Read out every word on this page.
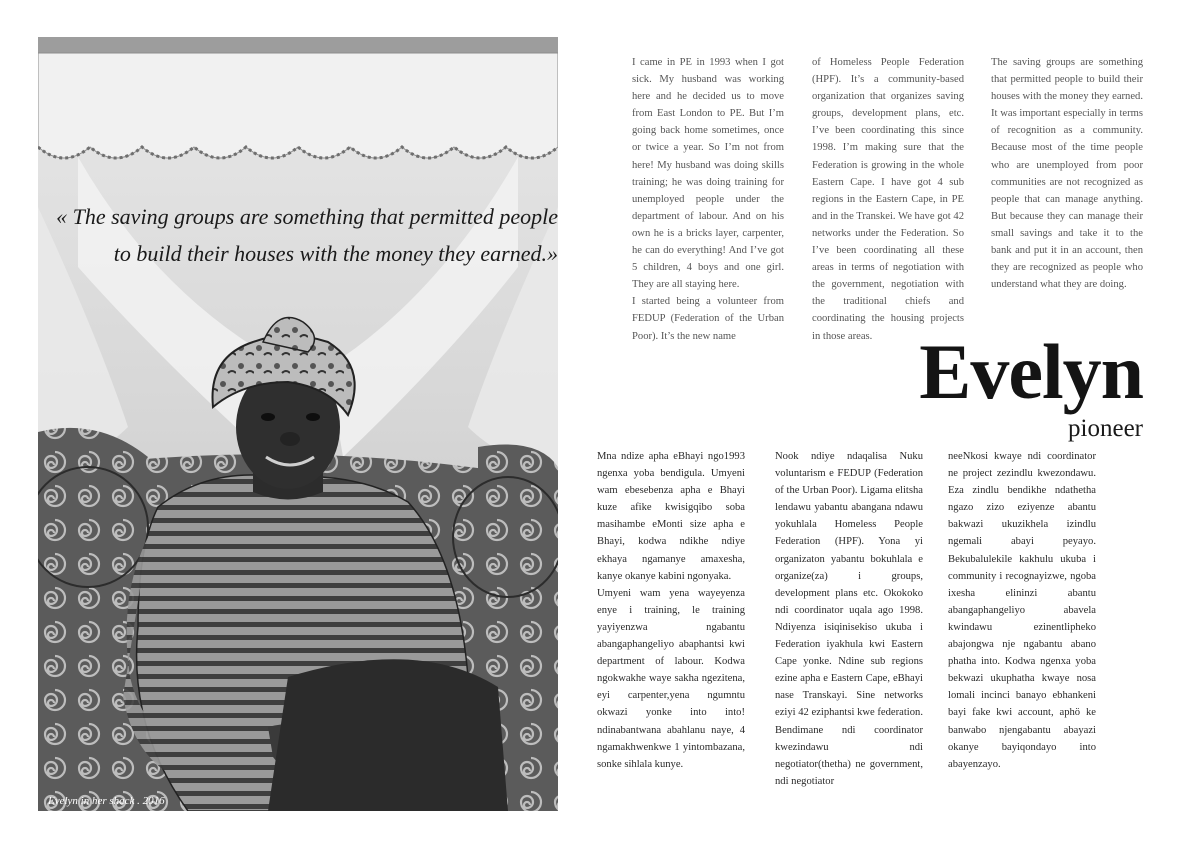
« The saving groups are something that permitted people to build their houses with the money they earned.»
Evelyn in her shack . 2016

I came in PE in 1993 when I got sick. My husband was working here and he decided us to move from East London to PE. But I’m going back home sometimes, once or twice a year. So I’m not from here! My husband was doing skills training; he was doing training for unemployed people under the department of labour. And on his own he is a bricks layer, carpenter, he can do everything! And I’ve got 5 children, 4 boys and one girl. They are all staying here.

I started being a volunteer from FEDUP (Federation of the Urban Poor). It’s the new name

of Homeless People Federation (HPF). It’s a community-based organization that organizes saving groups, development plans, etc. I’ve been coordinating this since 1998. I’m making sure that the Federation is growing in the whole Eastern Cape. I have got 4 sub regions in the Eastern Cape, in PE and in the Transkei. We have got 42 networks under the Federation. So I’ve been coordinating all these areas in terms of negotiation with the government, negotiation with the traditional chiefs and coordinating the housing projects in those areas.

The saving groups are something that permitted people to build their houses with the money they earned. It was important especially in terms of recognition as a community. Because most of the time people who are unemployed from poor communities are not recognized as people that can manage anything. But because they can manage their small savings and take it to the bank and put it in an account, then they are recognized as people who understand what they are doing.

Evelyn
pioneer

Mna ndize apha eBhayi ngo1993 ngenxa yoba bendigula. Umyeni wam ebesebenza apha e Bhayi kuze afike kwisigqibo soba masihambe eMonti size apha e Bhayi, kodwa ndikhe ndiye ekhaya ngamanye amaxesha, kanye okanye kabini ngonyaka.

Umyeni wam yena wayeyenza enye i training, le training yayiyenzwa ngabantu abangaphangeliyo abaphantsi kwi department of labour. Kodwa ngokwakhe waye sakha ngezitena, eyi carpenter,yena ngumntu okwazi yonke into into! ndinabantwana abahlanu naye, 4 ngamakhwenkwe 1 yintombazana, sonke sihlala kunye.

Nook ndiye ndaqalisa Nuku voluntarism e FEDUP (Federation of the Urban Poor). Ligama elitsha lendawu yabantu abangana ndawu yokuhlala Homeless People Federation (HPF). Yona yi organizaton yabantu bokuhlala e organize(za) i groups, development plans etc. Okokoko ndi coordinator uqala ago 1998. Ndiyenza isiqinisekiso ukuba i Federation iyakhula kwi Eastern Cape yonke. Ndine sub regions ezine apha e Eastern Cape, eBhayi nase Transkayi. Sine networks eziyi 42 eziphantsi kwe federation. Bendimane ndi coordinator kwezindawu ndi negotiator(thetha) ne government, ndi negotiator

neeNkosi kwaye ndi coordinator ne project zezindlu kwezondawu. Eza zindlu bendikhe ndathetha ngazo zizo eziyenze abantu bakwazi ukuzikhela izindlu ngemali abayi peyayo. Bekubalulekile kakhulu ukuba i community i recognayizwe, ngoba ixesha elininzi abantu abangaphangeliyo abavela kwindawu ezinentlipheko abajongwa nje ngabantu abano phatha into. Kodwa ngenxa yoba bekwazi ukuphatha kwaye nosa lomali incinci banayo ebhankeni bayi fake kwi account, aphö ke banwabo njengabantu abayazi okanye bayiqondayo into abayenzayo.
